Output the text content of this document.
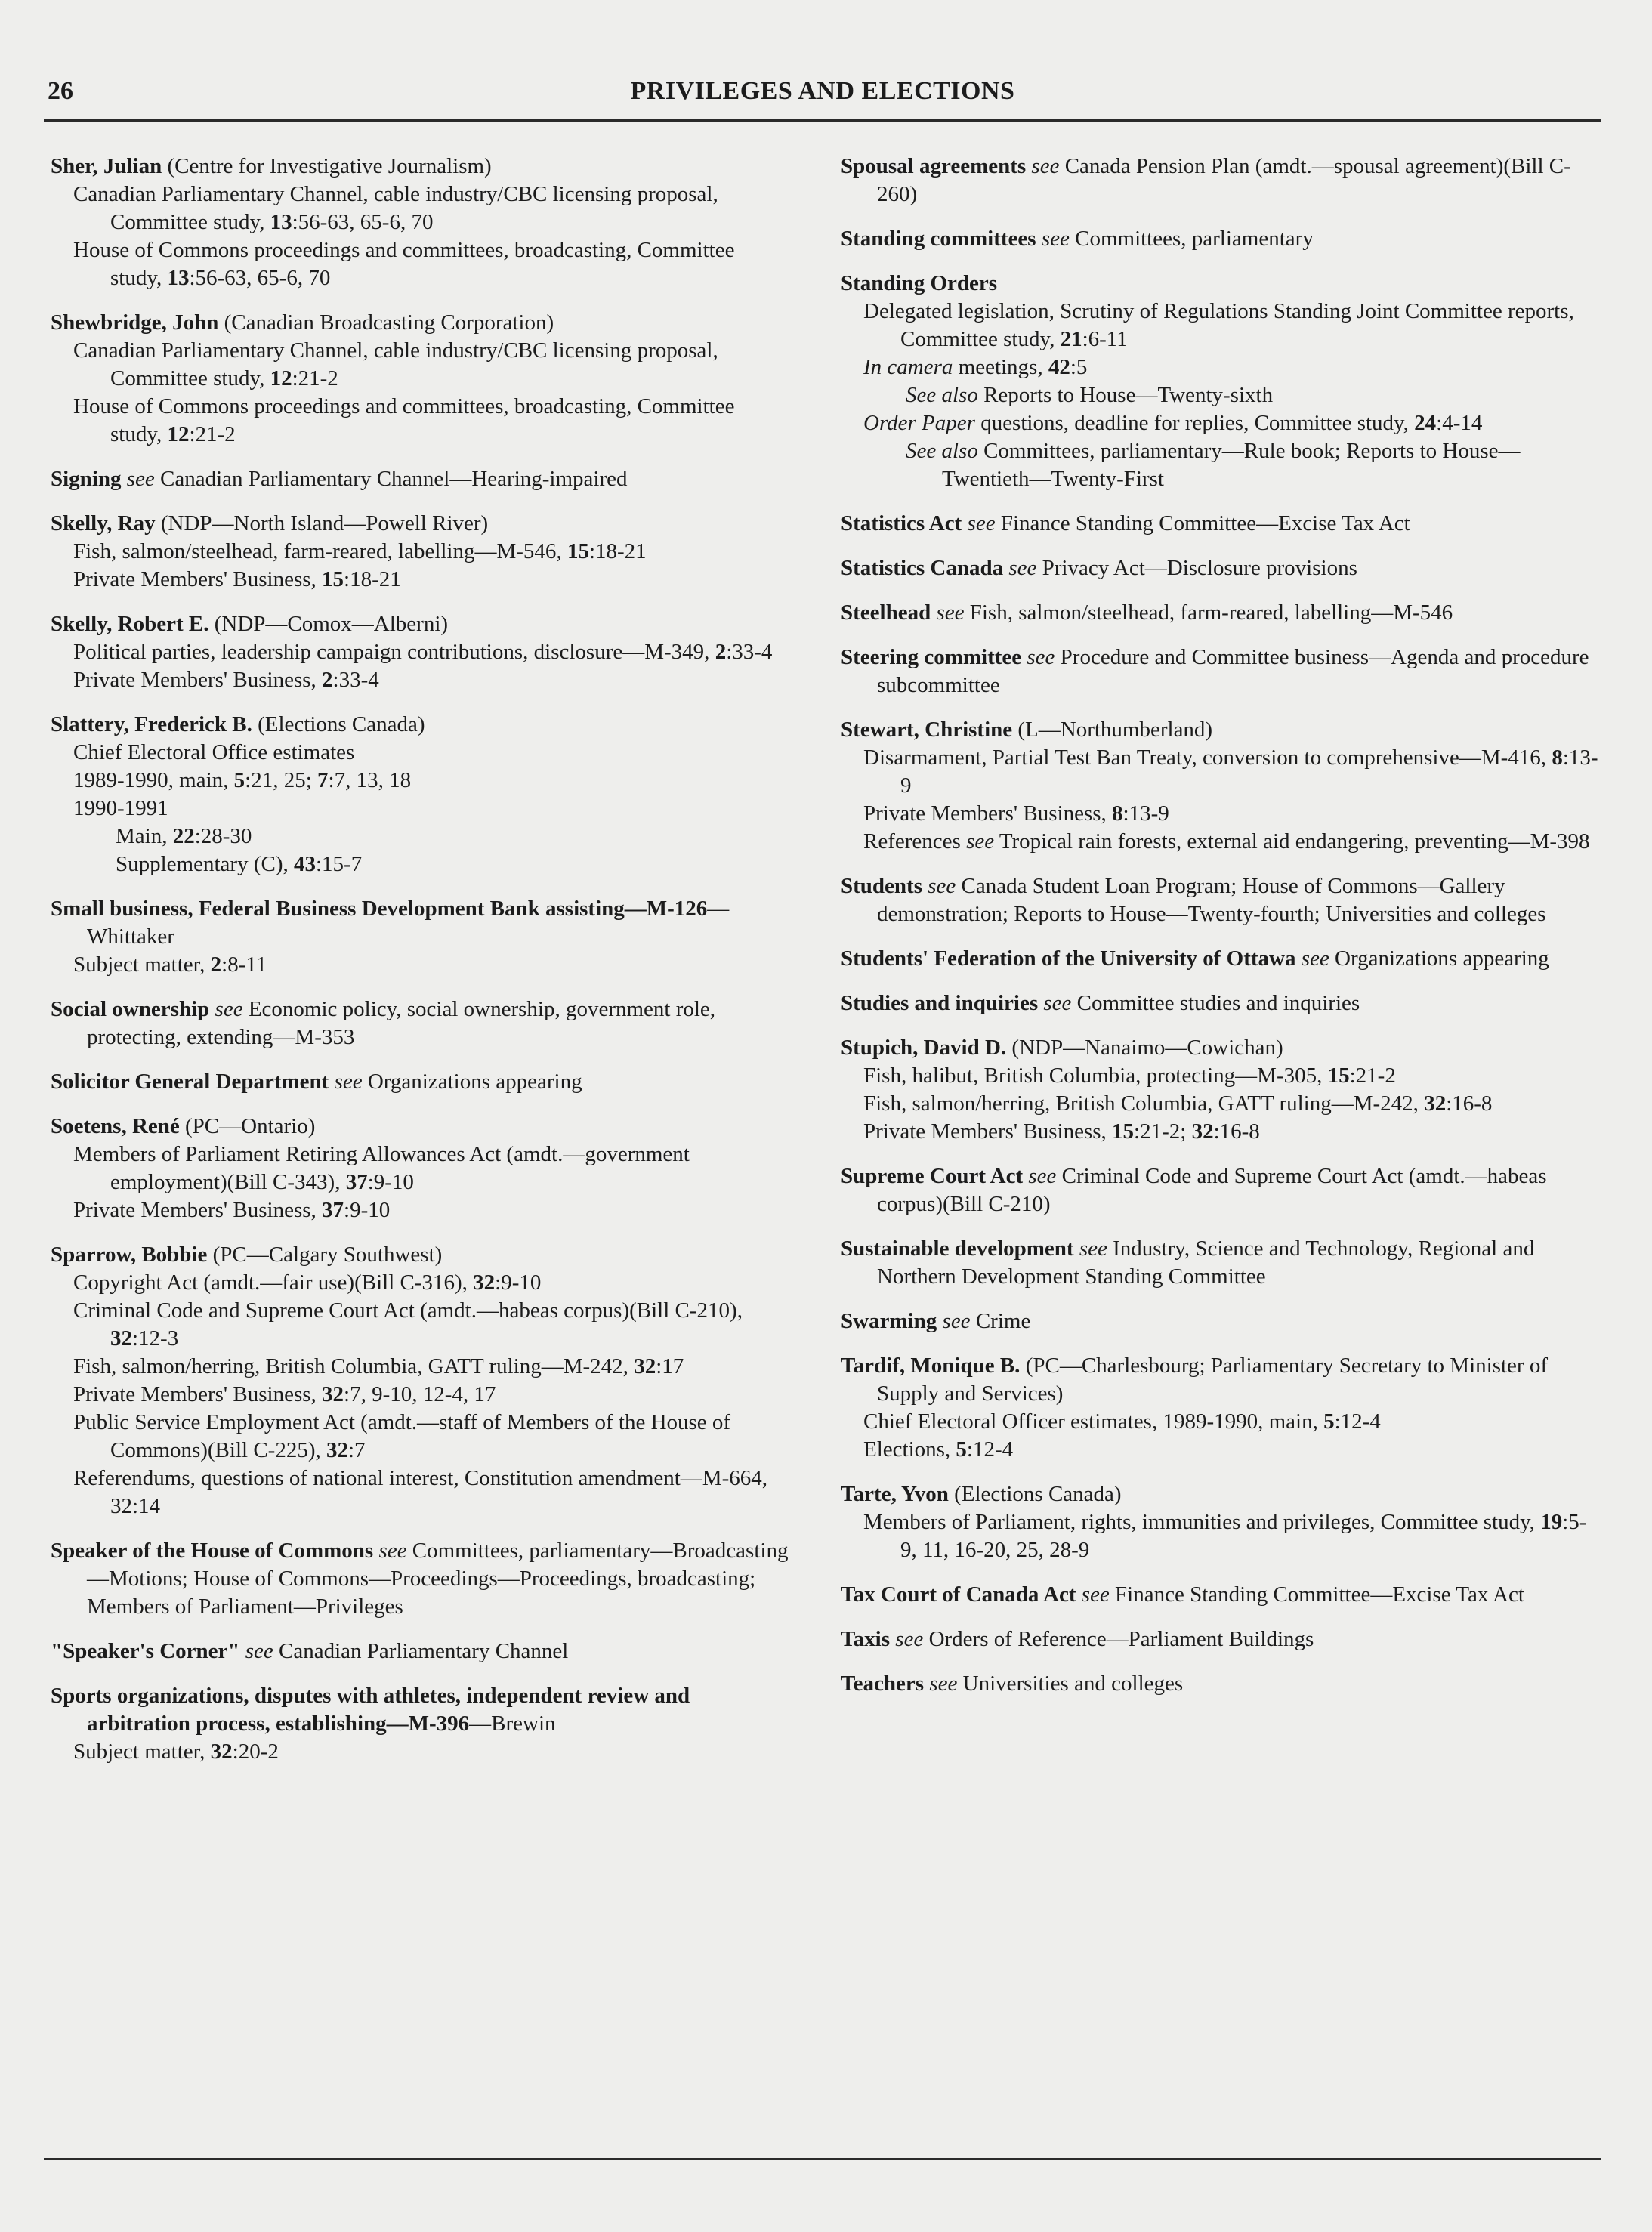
26	PRIVILEGES AND ELECTIONS
Sher, Julian (Centre for Investigative Journalism)
Canadian Parliamentary Channel, cable industry/CBC licensing proposal, Committee study, 13:56-63, 65-6, 70
House of Commons proceedings and committees, broadcasting, Committee study, 13:56-63, 65-6, 70
Shewbridge, John (Canadian Broadcasting Corporation)
Canadian Parliamentary Channel, cable industry/CBC licensing proposal, Committee study, 12:21-2
House of Commons proceedings and committees, broadcasting, Committee study, 12:21-2
Signing see Canadian Parliamentary Channel—Hearing-impaired
Skelly, Ray (NDP—North Island—Powell River)
Fish, salmon/steelhead, farm-reared, labelling—M-546, 15:18-21
Private Members' Business, 15:18-21
Skelly, Robert E. (NDP—Comox—Alberni)
Political parties, leadership campaign contributions, disclosure—M-349, 2:33-4
Private Members' Business, 2:33-4
Slattery, Frederick B. (Elections Canada)
Chief Electoral Office estimates
1989-1990, main, 5:21, 25; 7:7, 13, 18
1990-1991
Main, 22:28-30
Supplementary (C), 43:15-7
Small business, Federal Business Development Bank assisting—M-126—Whittaker
Subject matter, 2:8-11
Social ownership see Economic policy, social ownership, government role, protecting, extending—M-353
Solicitor General Department see Organizations appearing
Soetens, René (PC—Ontario)
Members of Parliament Retiring Allowances Act (amdt.—government employment)(Bill C-343), 37:9-10
Private Members' Business, 37:9-10
Sparrow, Bobbie (PC—Calgary Southwest)
Copyright Act (amdt.—fair use)(Bill C-316), 32:9-10
Criminal Code and Supreme Court Act (amdt.—habeas corpus)(Bill C-210), 32:12-3
Fish, salmon/herring, British Columbia, GATT ruling—M-242, 32:17
Private Members' Business, 32:7, 9-10, 12-4, 17
Public Service Employment Act (amdt.—staff of Members of the House of Commons)(Bill C-225), 32:7
Referendums, questions of national interest, Constitution amendment—M-664, 32:14
Speaker of the House of Commons see Committees, parliamentary—Broadcasting—Motions; House of Commons—Proceedings—Proceedings, broadcasting; Members of Parliament—Privileges
"Speaker's Corner" see Canadian Parliamentary Channel
Sports organizations, disputes with athletes, independent review and arbitration process, establishing—M-396—Brewin
Subject matter, 32:20-2
Spousal agreements see Canada Pension Plan (amdt.—spousal agreement)(Bill C-260)
Standing committees see Committees, parliamentary
Standing Orders
Delegated legislation, Scrutiny of Regulations Standing Joint Committee reports, Committee study, 21:6-11
In camera meetings, 42:5
See also Reports to House—Twenty-sixth
Order Paper questions, deadline for replies, Committee study, 24:4-14
See also Committees, parliamentary—Rule book; Reports to House—Twentieth—Twenty-First
Statistics Act see Finance Standing Committee—Excise Tax Act
Statistics Canada see Privacy Act—Disclosure provisions
Steelhead see Fish, salmon/steelhead, farm-reared, labelling—M-546
Steering committee see Procedure and Committee business—Agenda and procedure subcommittee
Stewart, Christine (L—Northumberland)
Disarmament, Partial Test Ban Treaty, conversion to comprehensive—M-416, 8:13-9
Private Members' Business, 8:13-9
References see Tropical rain forests, external aid endangering, preventing—M-398
Students see Canada Student Loan Program; House of Commons—Gallery demonstration; Reports to House—Twenty-fourth; Universities and colleges
Students' Federation of the University of Ottawa see Organizations appearing
Studies and inquiries see Committee studies and inquiries
Stupich, David D. (NDP—Nanaimo—Cowichan)
Fish, halibut, British Columbia, protecting—M-305, 15:21-2
Fish, salmon/herring, British Columbia, GATT ruling—M-242, 32:16-8
Private Members' Business, 15:21-2; 32:16-8
Supreme Court Act see Criminal Code and Supreme Court Act (amdt.—habeas corpus)(Bill C-210)
Sustainable development see Industry, Science and Technology, Regional and Northern Development Standing Committee
Swarming see Crime
Tardif, Monique B. (PC—Charlesbourg; Parliamentary Secretary to Minister of Supply and Services)
Chief Electoral Officer estimates, 1989-1990, main, 5:12-4
Elections, 5:12-4
Tarte, Yvon (Elections Canada)
Members of Parliament, rights, immunities and privileges, Committee study, 19:5-9, 11, 16-20, 25, 28-9
Tax Court of Canada Act see Finance Standing Committee—Excise Tax Act
Taxis see Orders of Reference—Parliament Buildings
Teachers see Universities and colleges
